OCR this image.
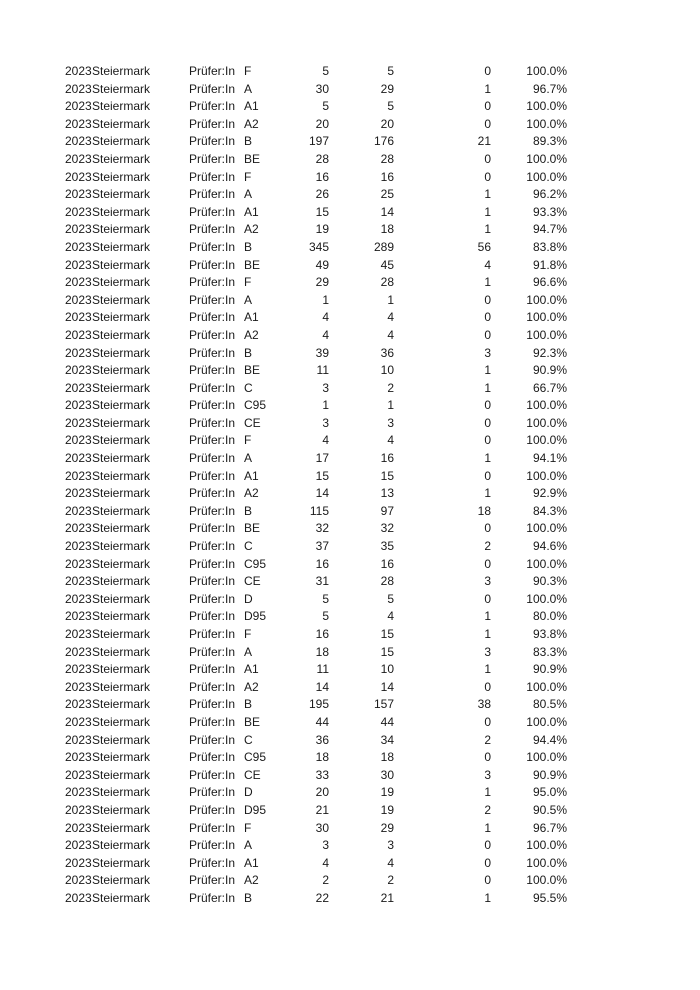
2023 Steiermark	Prüfer:In F	5	5	0	100.0%
2023 Steiermark	Prüfer:In A	30	29	1	96.7%
2023 Steiermark	Prüfer:In A1	5	5	0	100.0%
2023 Steiermark	Prüfer:In A2	20	20	0	100.0%
2023 Steiermark	Prüfer:In B	197	176	21	89.3%
2023 Steiermark	Prüfer:In BE	28	28	0	100.0%
2023 Steiermark	Prüfer:In F	16	16	0	100.0%
2023 Steiermark	Prüfer:In A	26	25	1	96.2%
2023 Steiermark	Prüfer:In A1	15	14	1	93.3%
2023 Steiermark	Prüfer:In A2	19	18	1	94.7%
2023 Steiermark	Prüfer:In B	345	289	56	83.8%
2023 Steiermark	Prüfer:In BE	49	45	4	91.8%
2023 Steiermark	Prüfer:In F	29	28	1	96.6%
2023 Steiermark	Prüfer:In A	1	1	0	100.0%
2023 Steiermark	Prüfer:In A1	4	4	0	100.0%
2023 Steiermark	Prüfer:In A2	4	4	0	100.0%
2023 Steiermark	Prüfer:In B	39	36	3	92.3%
2023 Steiermark	Prüfer:In BE	11	10	1	90.9%
2023 Steiermark	Prüfer:In C	3	2	1	66.7%
2023 Steiermark	Prüfer:In C95	1	1	0	100.0%
2023 Steiermark	Prüfer:In CE	3	3	0	100.0%
2023 Steiermark	Prüfer:In F	4	4	0	100.0%
2023 Steiermark	Prüfer:In A	17	16	1	94.1%
2023 Steiermark	Prüfer:In A1	15	15	0	100.0%
2023 Steiermark	Prüfer:In A2	14	13	1	92.9%
2023 Steiermark	Prüfer:In B	115	97	18	84.3%
2023 Steiermark	Prüfer:In BE	32	32	0	100.0%
2023 Steiermark	Prüfer:In C	37	35	2	94.6%
2023 Steiermark	Prüfer:In C95	16	16	0	100.0%
2023 Steiermark	Prüfer:In CE	31	28	3	90.3%
2023 Steiermark	Prüfer:In D	5	5	0	100.0%
2023 Steiermark	Prüfer:In D95	5	4	1	80.0%
2023 Steiermark	Prüfer:In F	16	15	1	93.8%
2023 Steiermark	Prüfer:In A	18	15	3	83.3%
2023 Steiermark	Prüfer:In A1	11	10	1	90.9%
2023 Steiermark	Prüfer:In A2	14	14	0	100.0%
2023 Steiermark	Prüfer:In B	195	157	38	80.5%
2023 Steiermark	Prüfer:In BE	44	44	0	100.0%
2023 Steiermark	Prüfer:In C	36	34	2	94.4%
2023 Steiermark	Prüfer:In C95	18	18	0	100.0%
2023 Steiermark	Prüfer:In CE	33	30	3	90.9%
2023 Steiermark	Prüfer:In D	20	19	1	95.0%
2023 Steiermark	Prüfer:In D95	21	19	2	90.5%
2023 Steiermark	Prüfer:In F	30	29	1	96.7%
2023 Steiermark	Prüfer:In A	3	3	0	100.0%
2023 Steiermark	Prüfer:In A1	4	4	0	100.0%
2023 Steiermark	Prüfer:In A2	2	2	0	100.0%
2023 Steiermark	Prüfer:In B	22	21	1	95.5%
